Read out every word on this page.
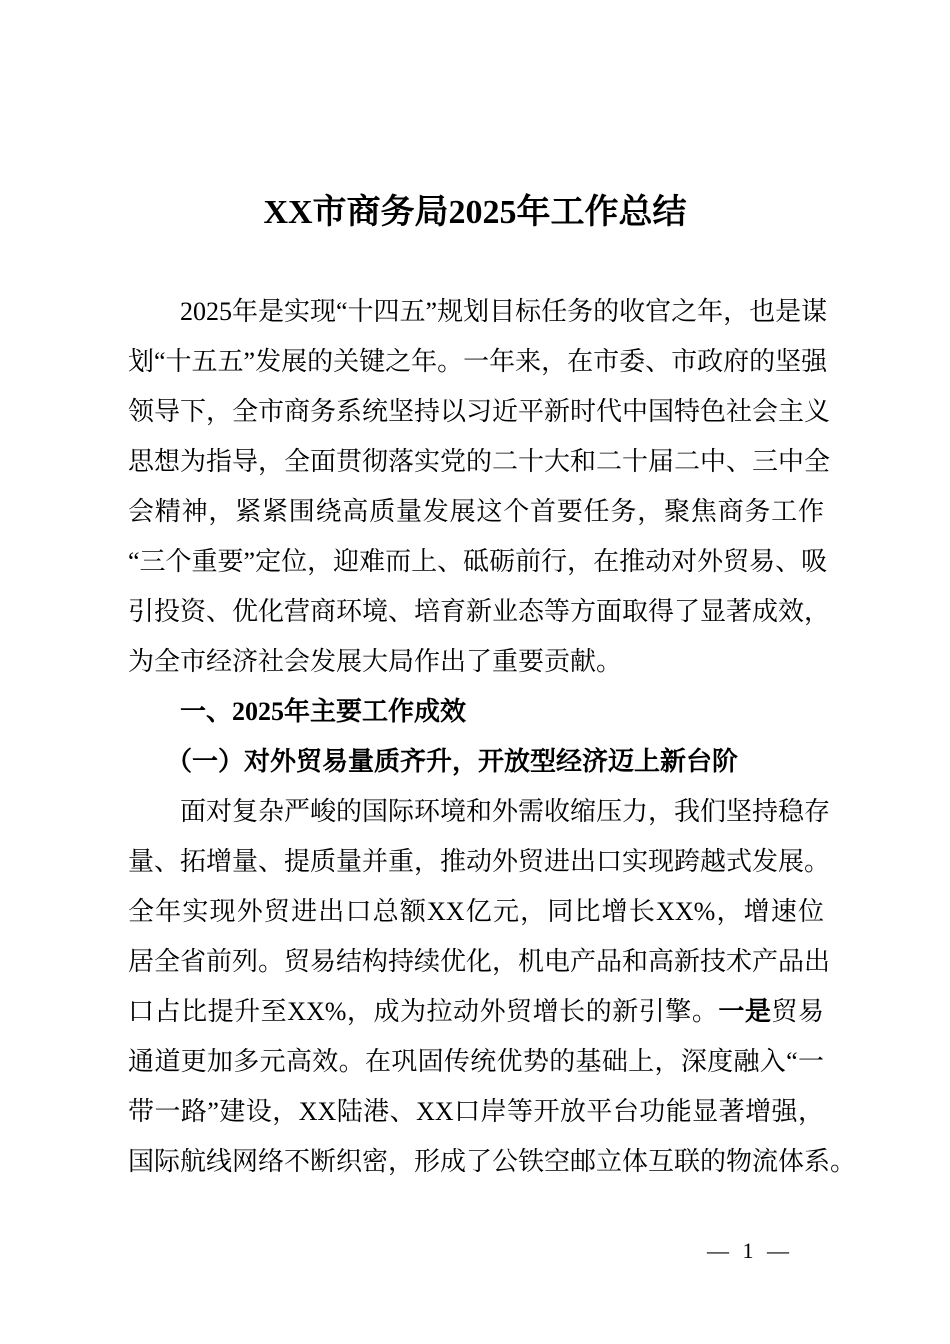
XX市商务局2025年工作总结
2025年是实现“十四五”规划目标任务的收官之年，也是谋
划“十五五”发展的关键之年。一年来，在市委、市政府的坚强
领导下，全市商务系统坚持以习近平新时代中国特色社会主义
思想为指导，全面贯彻落实党的二十大和二十届二中、三中全
会精神，紧紧围绕高质量发展这个首要任务，聚焦商务工作
“三个重要”定位，迎难而上、砥砺前行，在推动对外贸易、吸
引投资、优化营商环境、培育新业态等方面取得了显著成效，
为全市经济社会发展大局作出了重要贡献。
一、2025年主要工作成效
（一）对外贸易量质齐升，开放型经济迈上新台阶
面对复杂严峻的国际环境和外需收缩压力，我们坚持稳存
量、拓增量、提质量并重，推动外贸进出口实现跨越式发展。
全年实现外贸进出口总额XX亿元，同比增长XX%，增速位
居全省前列。贸易结构持续优化，机电产品和高新技术产品出
口占比提升至XX%，成为拉动外贸增长的新引擎。一是贸易
通道更加多元高效。在巩固传统优势的基础上，深度融入“一
带一路”建设，XX陆港、XX口岸等开放平台功能显著增强，
国际航线网络不断织密，形成了公铁空邮立体互联的物流体系。
— 1 —
